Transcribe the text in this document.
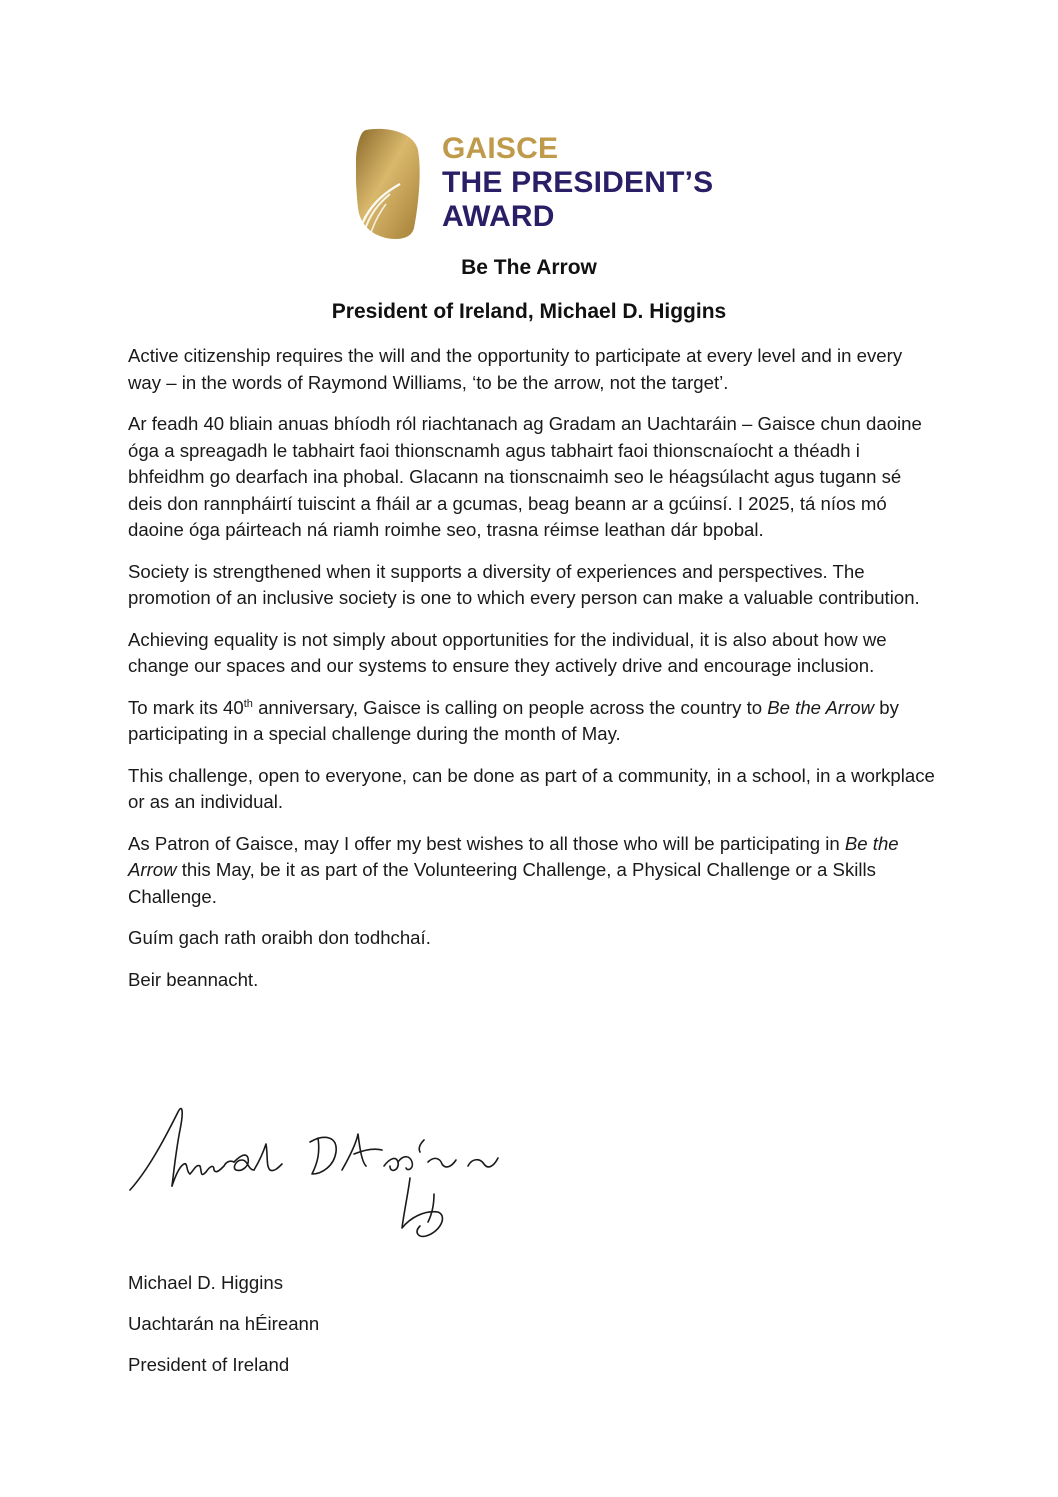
GAISCE
THE PRESIDENT’S
AWARD
Be The Arrow
President of Ireland, Michael D. Higgins

Active citizenship requires the will and the opportunity to participate at every level and in every way – in the words of Raymond Williams, ‘to be the arrow, not the target’.

Ar feadh 40 bliain anuas bhíodh ról riachtanach ag Gradam an Uachtaráin – Gaisce chun daoine óga a spreagadh le tabhairt faoi thionscnamh agus tabhairt faoi thionscnaíocht a théadh i bhfeidhm go dearfach ina phobal. Glacann na tionscnaimh seo le héagsúlacht agus tugann sé deis don rannpháirtí tuiscint a fháil ar a gcumas, beag beann ar a gcúinsí. I 2025, tá níos mó daoine óga páirteach ná riamh roimhe seo, trasna réimse leathan dár bpobal.

Society is strengthened when it supports a diversity of experiences and perspectives. The promotion of an inclusive society is one to which every person can make a valuable contribution.

Achieving equality is not simply about opportunities for the individual, it is also about how we change our spaces and our systems to ensure they actively drive and encourage inclusion.

To mark its 40th anniversary, Gaisce is calling on people across the country to Be the Arrow by participating in a special challenge during the month of May.

This challenge, open to everyone, can be done as part of a community, in a school, in a workplace or as an individual.

As Patron of Gaisce, may I offer my best wishes to all those who will be participating in Be the Arrow this May, be it as part of the Volunteering Challenge, a Physical Challenge or a Skills Challenge.

Guím gach rath oraibh don todhchaí.

Beir beannacht.

Michael D. Higgins
Uachtarán na hÉireann
President of Ireland
